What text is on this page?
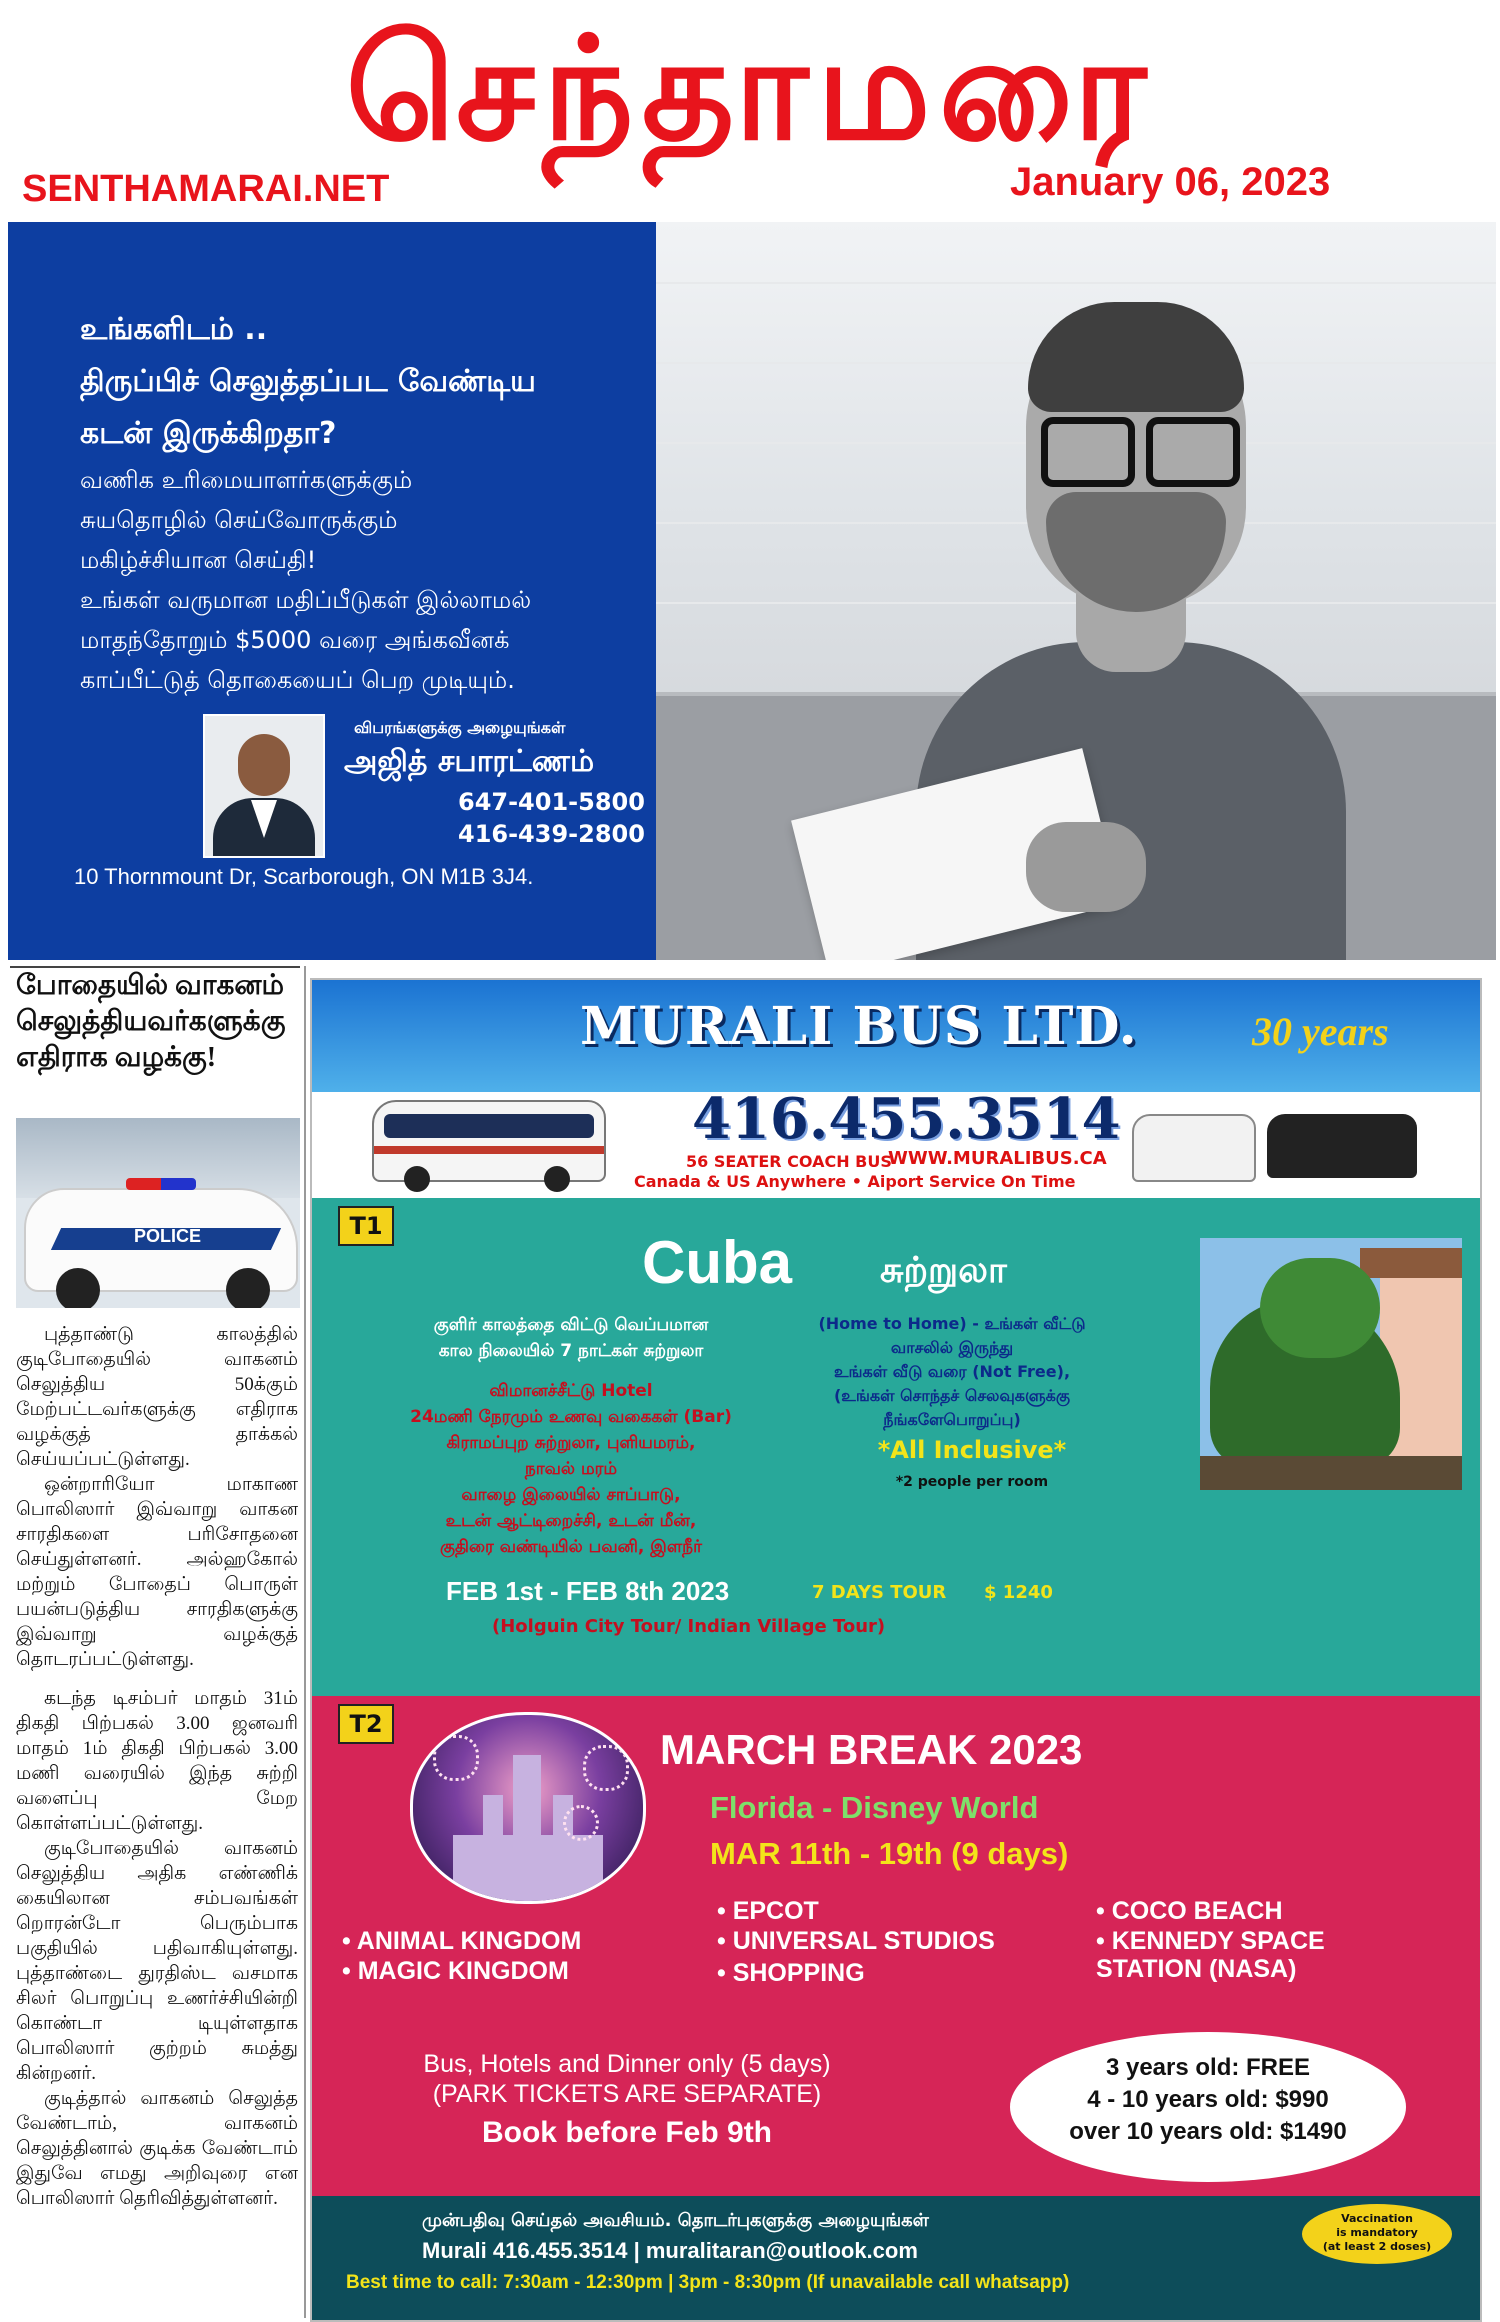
செந்தாமரை
SENTHAMARAI.NET	January 06, 2023
உங்களிடம் ..
திருப்பிச் செலுத்தப்பட வேண்டிய
கடன் இருக்கிறதா?
வணிக உரிமையாளர்களுக்கும்
சுயதொழில் செய்வோருக்கும்
மகிழ்ச்சியான செய்தி!
உங்கள் வருமான மதிப்பீடுகள் இல்லாமல்
மாதந்தோறும் $5000 வரை அங்கவீனக்
காப்பீட்டுத் தொகையைப் பெற முடியும்.
விபரங்களுக்கு அழையுங்கள்
அஜித் சபாரட்ணம்
647-401-5800
416-439-2800
10 Thornmount Dr, Scarborough, ON M1B 3J4.
போதையில் வாகனம் செலுத்தியவர்களுக்கு எதிராக வழக்கு!
POLICE

புத்தாண்டு காலத்தில் குடிபோதையில் வாகனம் செலுத்திய 50க்கும் மேற்பட்டவர்களுக்கு எதிராக வழக்குத் தாக்கல் செய்யப்பட்டுள்ளது.

ஒன்றாரியோ மாகாண பொலிஸார் இவ்வாறு வாகன சாரதிகளை பரிசோதனை செய்துள்ளனர். அல்ஹகோல் மற்றும் போதைப் பொருள் பயன்படுத்திய சாரதிகளுக்கு இவ்வாறு வழக்குத் தொடரப்பட்டுள்ளது.

கடந்த டிசம்பர் மாதம் 31ம் திகதி பிற்பகல் 3.00 ஜனவரி மாதம் 1ம் திகதி பிற்பகல் 3.00 மணி வரையில் இந்த சுற்றி வளைப்பு மேற கொள்ளப்பட்டுள்ளது.

குடிபோதையில் வாகனம் செலுத்திய அதிக எண்ணிக் கையிலான சம்பவங்கள் றொரன்டோ பெரும்பாக பகுதியில் பதிவாகியுள்ளது. புத்தாண்டை துரதிஸ்ட வசமாக சிலர் பொறுப்பு உணர்ச்சியின்றி கொண்டா டியுள்ளதாக பொலிஸார் குற்றம் சுமத்து கின்றனர்.

குடித்தால் வாகனம் செலுத்த வேண்டாம், வாகனம் செலுத்தினால் குடிக்க வேண்டாம் இதுவே எமது அறிவுரை என பொலிஸார் தெரிவித்துள்ளனர்.

MURALI BUS LTD.	30 years
416.455.3514
56 SEATER COACH BUS
WWW.MURALIBUS.CA
Canada & US Anywhere • Aiport Service On Time
T1
Cuba சுற்றுலா
குளிர் காலத்தை விட்டு வெப்பமான
கால நிலையில் 7 நாட்கள் சுற்றுலா
விமானச்சீட்டு Hotel
24மணி நேரமும் உணவு வகைகள் (Bar)
கிராமப்புற சுற்றுலா, புளியமரம்,
நாவல் மரம்
வாழை இலையில் சாப்பாடு,
உடன் ஆட்டிறைச்சி, உடன் மீன்,
குதிரை வண்டியில் பவனி, இளநீர்
(Home to Home) - உங்கள் வீட்டு
வாசலில் இருந்து
உங்கள் வீடு வரை (Not Free),
(உங்கள் சொந்தச் செலவுகளுக்கு
நீங்களேபொறுப்பு)
*All Inclusive*
*2 people per room
FEB 1st - FEB 8th 2023	7 DAYS TOUR $ 1240
(Holguin City Tour/ Indian Village Tour)
T2
MARCH BREAK 2023
Florida - Disney World
MAR 11th - 19th (9 days)
• ANIMAL KINGDOM
• MAGIC KINGDOM
• EPCOT
• UNIVERSAL STUDIOS
• SHOPPING
• COCO BEACH
• KENNEDY SPACE
STATION (NASA)
Bus, Hotels and Dinner only (5 days)
(PARK TICKETS ARE SEPARATE)
Book before Feb 9th
3 years old: FREE
4 - 10 years old: $990
over 10 years old: $1490
முன்பதிவு செய்தல் அவசியம். தொடர்புகளுக்கு அழையுங்கள்
Murali 416.455.3514 | muralitaran@outlook.com
Best time to call: 7:30am - 12:30pm | 3pm - 8:30pm (If unavailable call whatsapp)
Vaccination
is mandatory
(at least 2 doses)
